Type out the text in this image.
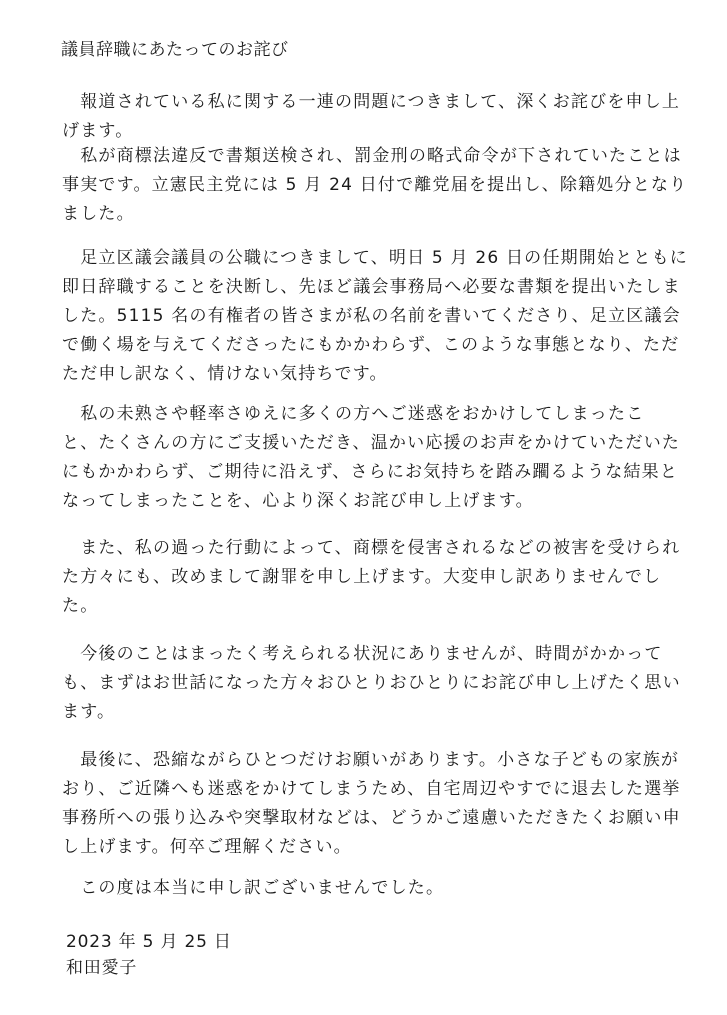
議員辞職にあたってのお詫び
　報道されている私に関する一連の問題につきまして、深くお詫びを申し上
げます。
　私が商標法違反で書類送検され、罰金刑の略式命令が下されていたことは
事実です。立憲民主党には 5 月 24 日付で離党届を提出し、除籍処分となり
ました。
　足立区議会議員の公職につきまして、明日 5 月 26 日の任期開始とともに
即日辞職することを決断し、先ほど議会事務局へ必要な書類を提出いたしま
した。5115 名の有権者の皆さまが私の名前を書いてくださり、足立区議会
で働く場を与えてくださったにもかかわらず、このような事態となり、ただ
ただ申し訳なく、情けない気持ちです。
　私の未熟さや軽率さゆえに多くの方へご迷惑をおかけしてしまったこ
と、たくさんの方にご支援いただき、温かい応援のお声をかけていただいた
にもかかわらず、ご期待に沿えず、さらにお気持ちを踏み躙るような結果と
なってしまったことを、心より深くお詫び申し上げます。
　また、私の過った行動によって、商標を侵害されるなどの被害を受けられ
た方々にも、改めまして謝罪を申し上げます。大変申し訳ありませんでし
た。
　今後のことはまったく考えられる状況にありませんが、時間がかかって
も、まずはお世話になった方々おひとりおひとりにお詫び申し上げたく思い
ます。
　最後に、恐縮ながらひとつだけお願いがあります。小さな子どもの家族が
おり、ご近隣へも迷惑をかけてしまうため、自宅周辺やすでに退去した選挙
事務所への張り込みや突撃取材などは、どうかご遠慮いただきたくお願い申
し上げます。何卒ご理解ください。
　この度は本当に申し訳ございませんでした。
2023 年 5 月 25 日
和田愛子
